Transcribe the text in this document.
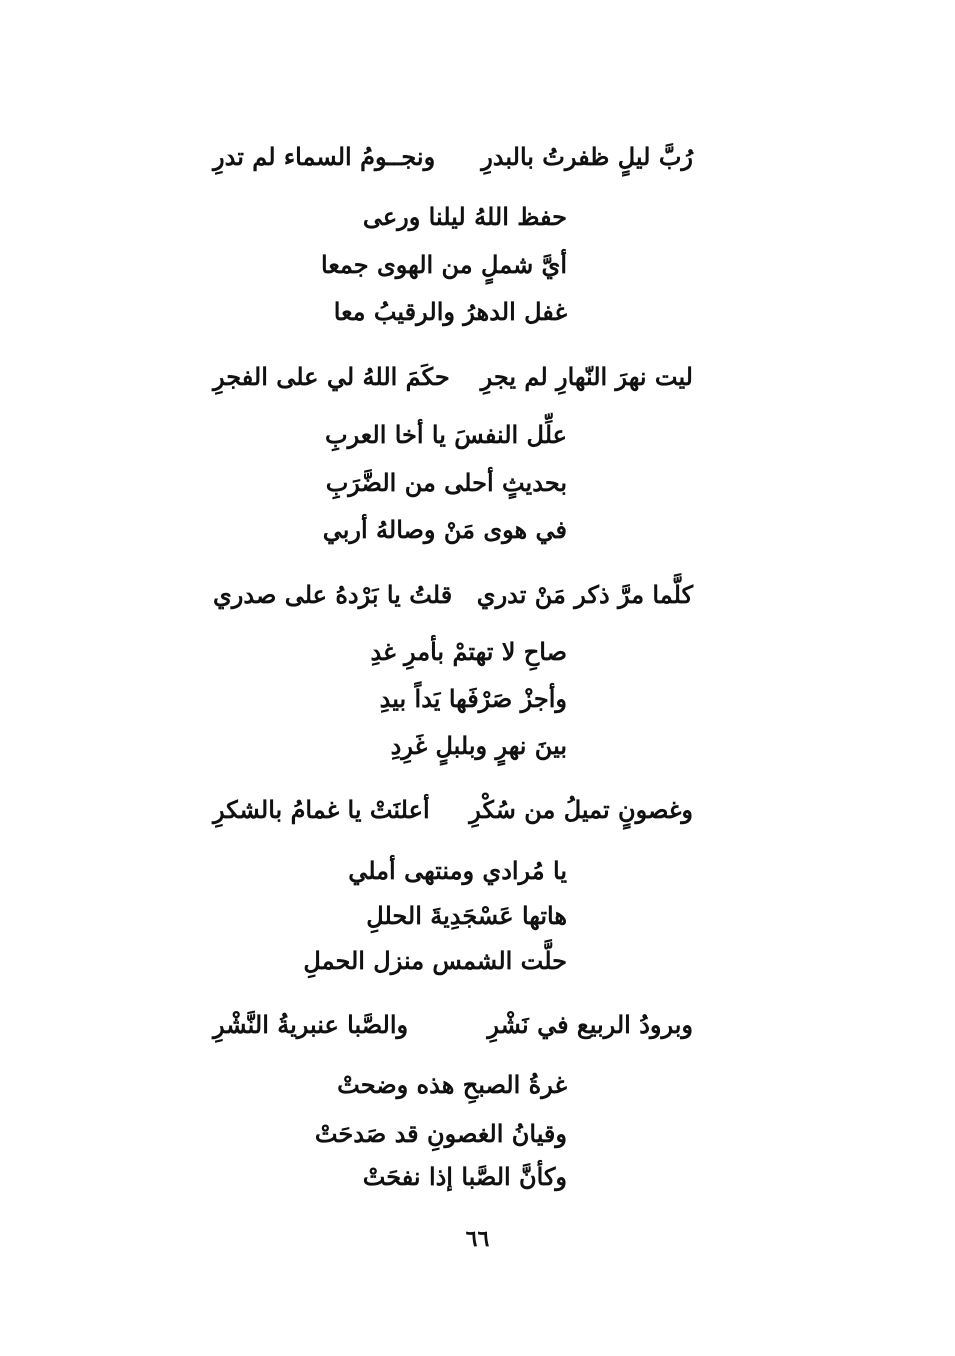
رُبَّ ليلٍ ظفرتُ بالبدرِ
ونجــومُ السماء لم تدرِ
حفظ اللهُ ليلنا ورعى
أيَّ شملٍ من الهوى جمعا
غفل الدهرُ والرقيبُ معا
ليت نهرَ النّهارِ لم يجرِ
حكَمَ اللهُ لي على الفجرِ
علِّل النفسَ يا أخا العربِ
بحديثٍ أحلى من الضَّرَبِ
في هوى مَنْ وصالهُ أربي
كلَّما مرَّ ذكر مَنْ تدري
قلتُ يا بَرْدهُ على صدري
صاحِ لا تهتمْ بأمرِ غدِ
وأجزْ صَرْفَها يَداً بيدِ
بينَ نهرٍ وبلبلٍ غَرِدِ
وغصونٍ تميلُ من سُكْرِ
أعلنَتْ يا غمامُ بالشكرِ
يا مُرادي ومنتهى أملي
هاتها عَسْجَدِيةَ الحللِ
حلَّت الشمس منزل الحملِ
وبرودُ الربيع في نَشْرِ
والصَّبا عنبريةُ النَّشْرِ
غرةُ الصبحِ هذه وضحتْ
وقيانُ الغصونِ قد صَدحَتْ
وكأنَّ الصَّبا إذا نفحَتْ
٦٦
